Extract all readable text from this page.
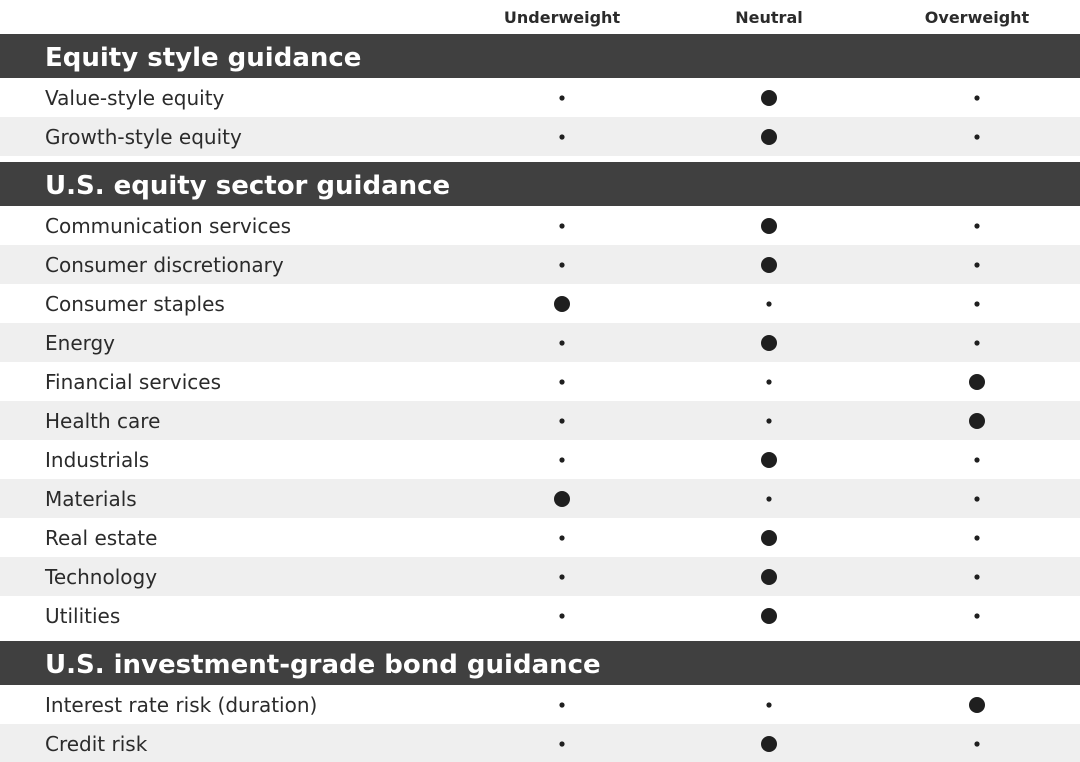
Underweight	Neutral	Overweight
Equity style guidance
Value-style equity
Growth-style equity
U.S. equity sector guidance
Communication services
Consumer discretionary
Consumer staples
Energy
Financial services
Health care
Industrials
Materials
Real estate
Technology
Utilities
U.S. investment-grade bond guidance
Interest rate risk (duration)
Credit risk
